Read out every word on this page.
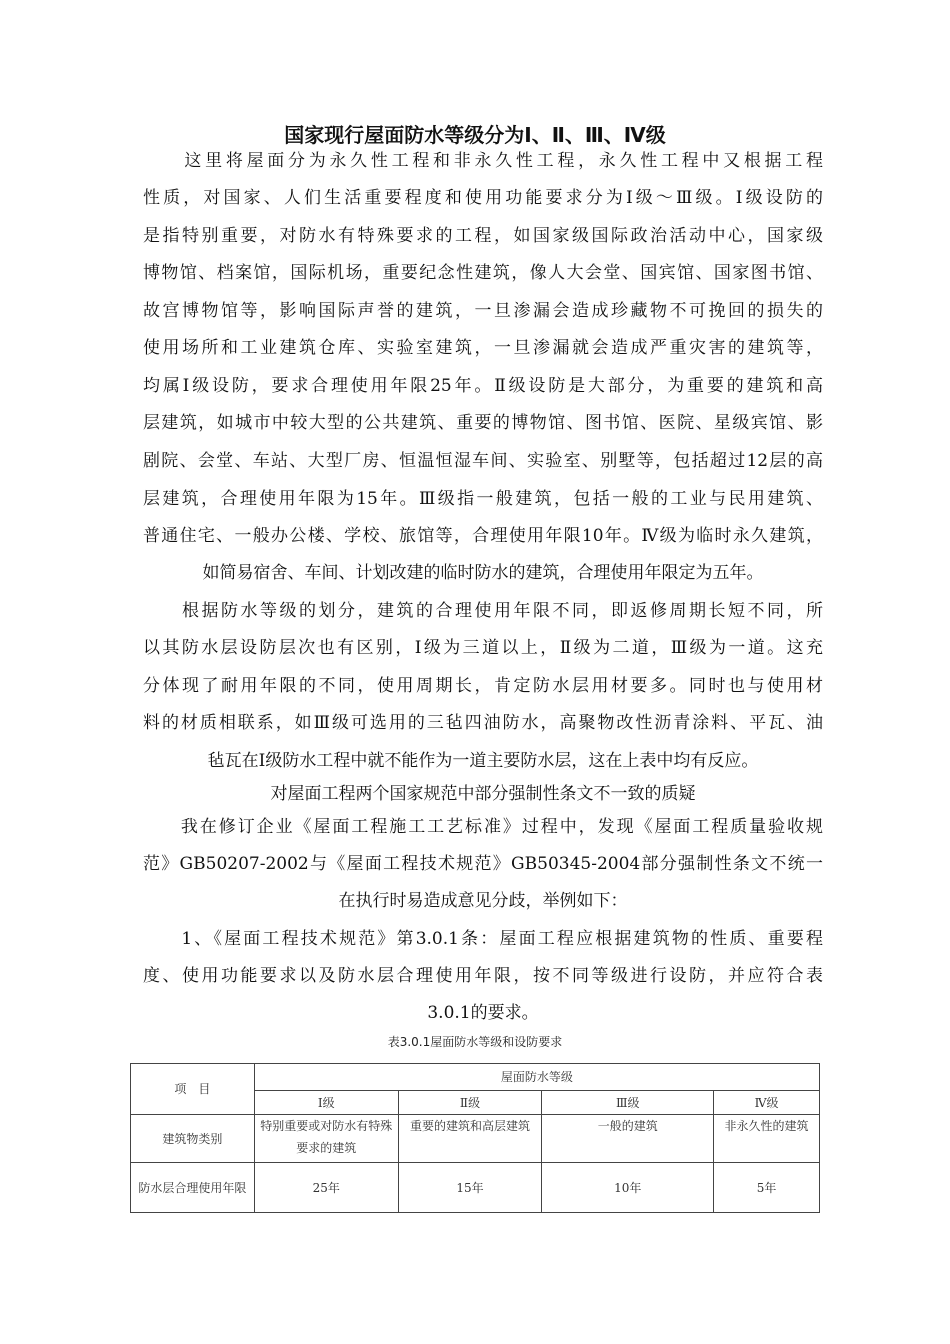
国家现行屋面防水等级分为Ⅰ、Ⅱ、Ⅲ、Ⅳ级
　　这里将屋面分为永久性工程和非永久性工程，永久性工程中又根据工程
性质，对国家、人们生活重要程度和使用功能要求分为Ⅰ级～Ⅲ级。Ⅰ级设防的
是指特别重要，对防水有特殊要求的工程，如国家级国际政治活动中心，国家级
博物馆、档案馆，国际机场，重要纪念性建筑，像人大会堂、国宾馆、国家图书馆、
故宫博物馆等，影响国际声誉的建筑，一旦渗漏会造成珍藏物不可挽回的损失的
使用场所和工业建筑仓库、实验室建筑，一旦渗漏就会造成严重灾害的建筑等，
均属Ⅰ级设防，要求合理使用年限25年。Ⅱ级设防是大部分，为重要的建筑和高
层建筑，如城市中较大型的公共建筑、重要的博物馆、图书馆、医院、星级宾馆、影
剧院、会堂、车站、大型厂房、恒温恒湿车间、实验室、别墅等，包括超过12层的高
层建筑，合理使用年限为15年。Ⅲ级指一般建筑，包括一般的工业与民用建筑、
普通住宅、一般办公楼、学校、旅馆等，合理使用年限10年。Ⅳ级为临时永久建筑，
如简易宿舍、车间、计划改建的临时防水的建筑，合理使用年限定为五年。
　　根据防水等级的划分，建筑的合理使用年限不同，即返修周期长短不同，所
以其防水层设防层次也有区别，Ⅰ级为三道以上，Ⅱ级为二道，Ⅲ级为一道。这充
分体现了耐用年限的不同，使用周期长，肯定防水层用材要多。同时也与使用材
料的材质相联系，如Ⅲ级可选用的三毡四油防水，高聚物改性沥青涂料、平瓦、油
毡瓦在Ⅰ级防水工程中就不能作为一道主要防水层，这在上表中均有反应。
对屋面工程两个国家规范中部分强制性条文不一致的质疑
　　我在修订企业《屋面工程施工工艺标准》过程中，发现《屋面工程质量验收规
范》GB50207-2002与《屋面工程技术规范》GB50345-2004部分强制性条文不统一
在执行时易造成意见分歧，举例如下：
　　1、《屋面工程技术规范》第3.0.1条：屋面工程应根据建筑物的性质、重要程
度、使用功能要求以及防水层合理使用年限，按不同等级进行设防，并应符合表
3.0.1的要求。
表3.0.1屋面防水等级和设防要求
项　目	屋面防水等级			
	Ⅰ级	Ⅱ级	Ⅲ级	Ⅳ级
建筑物类别	特别重要或对防水有特殊要求的建筑	重要的建筑和高层建筑	一般的建筑	非永久性的建筑
防水层合理使用年限	25年	15年	10年	5年
